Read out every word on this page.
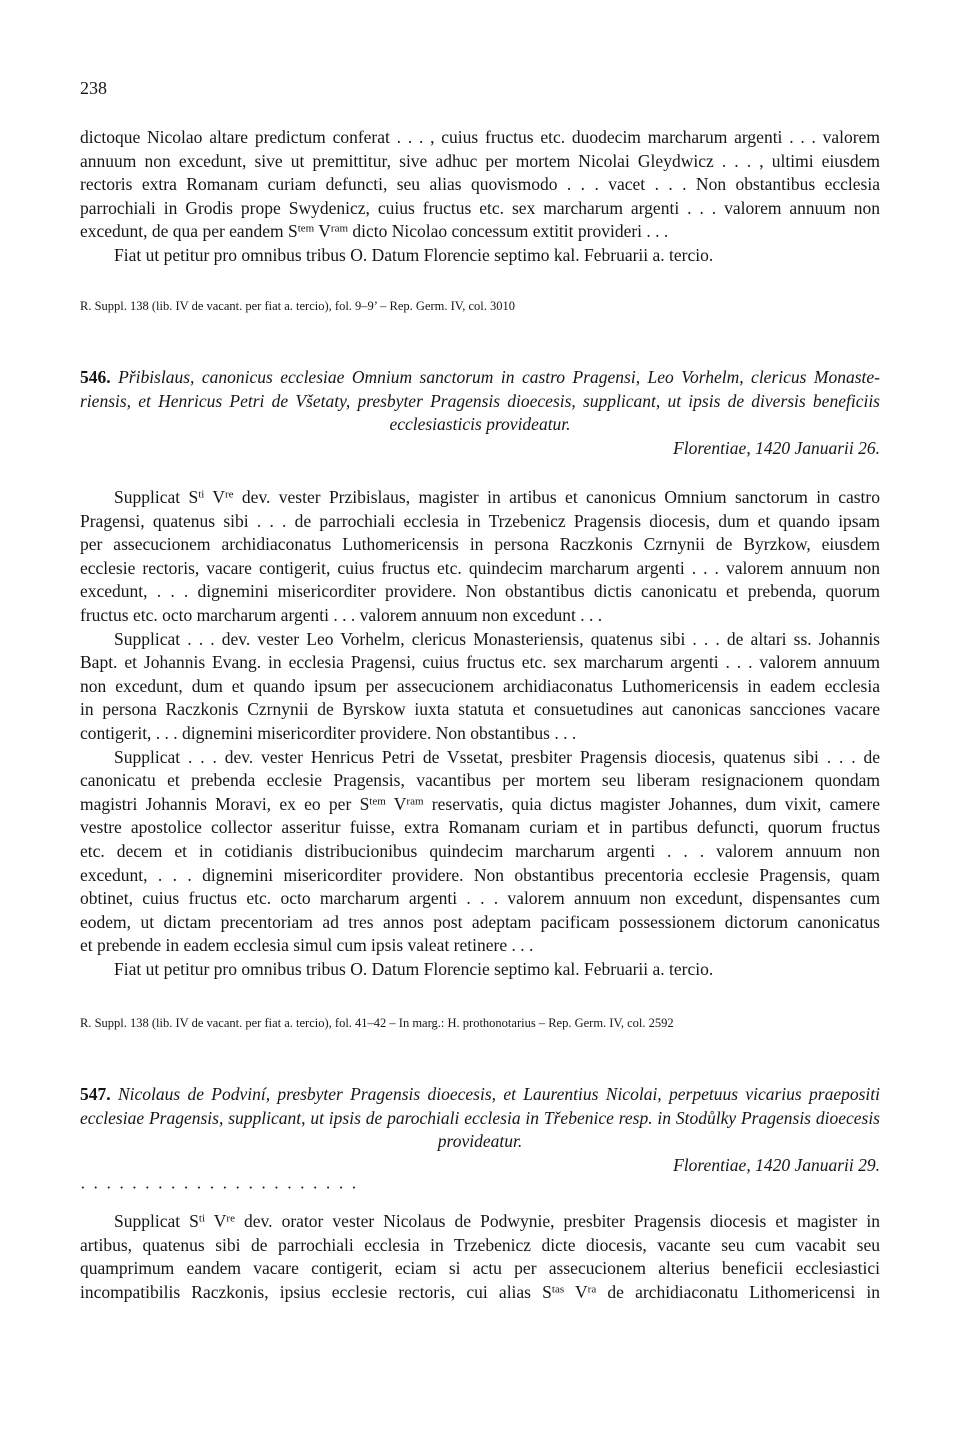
238
dictoque Nicolao altare predictum conferat . . . , cuius fructus etc. duodecim marcharum argenti . . . valorem
annuum non excedunt, sive ut premittitur, sive adhuc per mortem Nicolai Gleydwicz . . . , ultimi eiusdem
rectoris extra Romanam curiam defuncti, seu alias quovismodo . . . vacet . . . Non obstantibus ecclesia
parrochiali in Grodis prope Swydenicz, cuius fructus etc. sex marcharum argenti . . . valorem annuum non
excedunt, de qua per eandem $S^{tem}$ $V^{ram}$ dicto Nicolao concessum extitit provideri . . .
Fiat ut petitur pro omnibus tribus O. Datum Florencie septimo kal. Februarii a. tercio.
R. Suppl. 138 (lib. IV de vacant. per fiat a. tercio), fol. 9–9’ – Rep. Germ. IV, col. 3010
546. Přibislaus, canonicus ecclesiae Omnium sanctorum in castro Pragensi, Leo Vorhelm, clericus Monaste-
riensis, et Henricus Petri de Všetaty, presbyter Pragensis dioecesis, supplicant, ut ipsis de diversis beneficiis
ecclesiasticis provideatur.
Florentiae, 1420 Januarii 26.
Supplicat $S^{ti}$ Vre dev. vester Przibislaus, magister in artibus et canonicus Omnium sanctorum in castro
Pragensi, quatenus sibi . . . de parrochiali ecclesia in Trzebenicz Pragensis diocesis, dum et quando ipsam
per assecucionem archidiaconatus Luthomericensis in persona Raczkonis Czrnynii de Byrzkow, eiusdem
ecclesie rectoris, vacare contigerit, cuius fructus etc. quindecim marcharum argenti . . . valorem annuum non
excedunt, . . . dignemini misericorditer providere. Non obstantibus dictis canonicatu et prebenda, quorum
fructus etc. octo marcharum argenti . . . valorem annuum non excedunt . . .
Supplicat . . . dev. vester Leo Vorhelm, clericus Monasteriensis, quatenus sibi . . . de altari ss. Johannis
Bapt. et Johannis Evang. in ecclesia Pragensi, cuius fructus etc. sex marcharum argenti . . . valorem annuum
non excedunt, dum et quando ipsum per assecucionem archidiaconatus Luthomericensis in eadem ecclesia
in persona Raczkonis Czrnynii de Byrskow iuxta statuta et consuetudines aut canonicas sancciones vacare
contigerit, . . . dignemini misericorditer providere. Non obstantibus . . .
Supplicat . . . dev. vester Henricus Petri de Vssetat, presbiter Pragensis diocesis, quatenus sibi . . . de
canonicatu et prebenda ecclesie Pragensis, vacantibus per mortem seu liberam resignacionem quondam
magistri Johannis Moravi, ex eo per $S^{tem}$ $V^{ram}$ reservatis, quia dictus magister Johannes, dum vixit, camere
vestre apostolice collector asseritur fuisse, extra Romanam curiam et in partibus defuncti, quorum fructus
etc. decem et in cotidianis distribucionibus quindecim marcharum argenti . . . valorem annuum non
excedunt, . . . dignemini misericorditer providere. Non obstantibus precentoria ecclesie Pragensis, quam
obtinet, cuius fructus etc. octo marcharum argenti . . . valorem annuum non excedunt, dispensantes cum
eodem, ut dictam precentoriam ad tres annos post adeptam pacificam possessionem dictorum canonicatus
et prebende in eadem ecclesia simul cum ipsis valeat retinere . . .
Fiat ut petitur pro omnibus tribus O. Datum Florencie septimo kal. Februarii a. tercio.
R. Suppl. 138 (lib. IV de vacant. per fiat a. tercio), fol. 41–42 – In marg.: H. prothonotarius – Rep. Germ. IV, col. 2592
547. Nicolaus de Podviní, presbyter Pragensis dioecesis, et Laurentius Nicolai, perpetuus vicarius praepositi
ecclesiae Pragensis, supplicant, ut ipsis de parochiali ecclesia in Třebenice resp. in Stodůlky Pragensis dioecesis
provideatur.
Florentiae, 1420 Januarii 29.
· · · · · · · · · · · · · · · · · · · · · ·
Supplicat $S^{ti}$ Vre dev. orator vester Nicolaus de Podwynie, presbiter Pragensis diocesis et magister in
artibus, quatenus sibi de parrochiali ecclesia in Trzebenicz dicte diocesis, vacante seu cum vacabit seu
quamprimum eandem vacare contigerit, eciam si actu per assecucionem alterius beneficii ecclesiastici
incompatibilis Raczkonis, ipsius ecclesie rectoris, cui alias $S^{tas}$ $V^{ra}$ de archidiaconatu Lithomericensi in
